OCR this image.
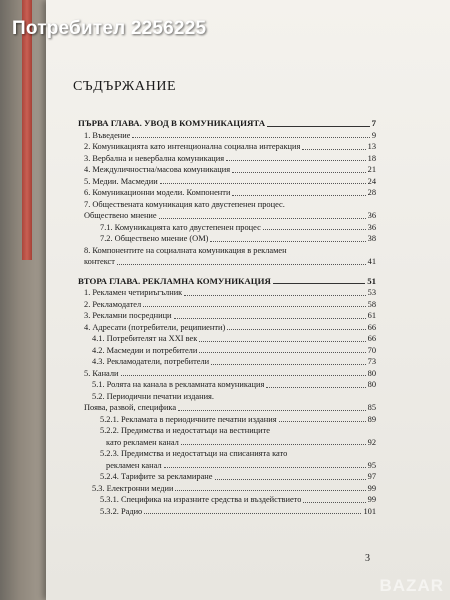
Потребител 2256225
СЪДЪРЖАНИЕ
ПЪРВА ГЛАВА. УВОД В КОМУНИКАЦИЯТА	7
1. Въведение	9
2. Комуникацията като интенционална социална интеракция	13
3. Вербална и невербална комуникация	18
4. Междуличностна/масова комуникация	21
5. Медии. Масмедии	24
6. Комуникационни модели. Компоненти	28
7. Обществената комуникация като двустепенен процес.
Обществено мнение	36
7.1. Комуникацията като двустепенен процес	36
7.2. Обществено мнение (ОМ)	38
8. Компонентите на социалната комуникация в рекламен
контекст	41
ВТОРА ГЛАВА. РЕКЛАМНА КОМУНИКАЦИЯ	51
1. Рекламен четириъгълник	53
2. Рекламодател	58
3. Рекламни посредници	61
4. Адресати (потребители, реципиенти)	66
4.1. Потребителят на XXI век	66
4.2. Масмедии и потребители	70
4.3. Рекламодатели, потребители	73
5. Канали	80
5.1. Ролята на канала в рекламната комуникация	80
5.2. Периодични печатни издания.
Поява, развой, специфика	85
5.2.1. Рекламата в периодичните печатни издания	89
5.2.2. Предимства и недостатъци на вестниците
като рекламен канал	92
5.2.3. Предимства и недостатъци на списанията като
рекламен канал	95
5.2.4. Тарифите за рекламиране	97
5.3. Електронни медии	99
5.3.1. Специфика на изразните средства и въздействието	99
5.3.2. Радио	101
3
BAZAR
